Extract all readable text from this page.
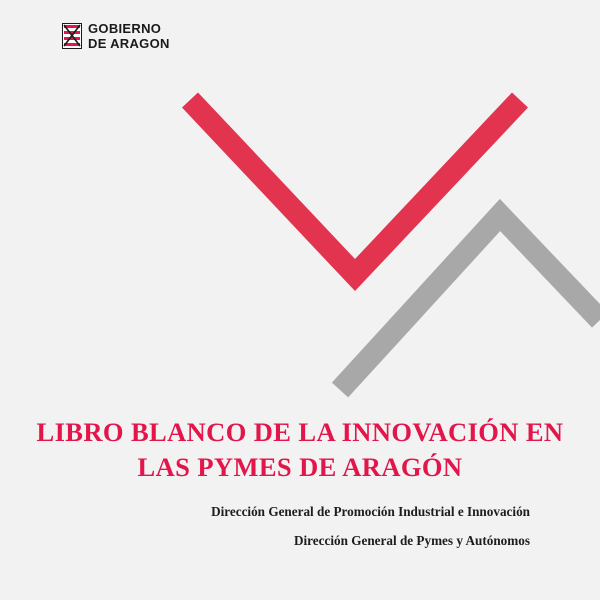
GOBIERNO
DE ARAGON
LIBRO BLANCO DE LA INNOVACIÓN EN
LAS PYMES DE ARAGÓN
Dirección General de Promoción Industrial e Innovación
Dirección General de Pymes y Autónomos
